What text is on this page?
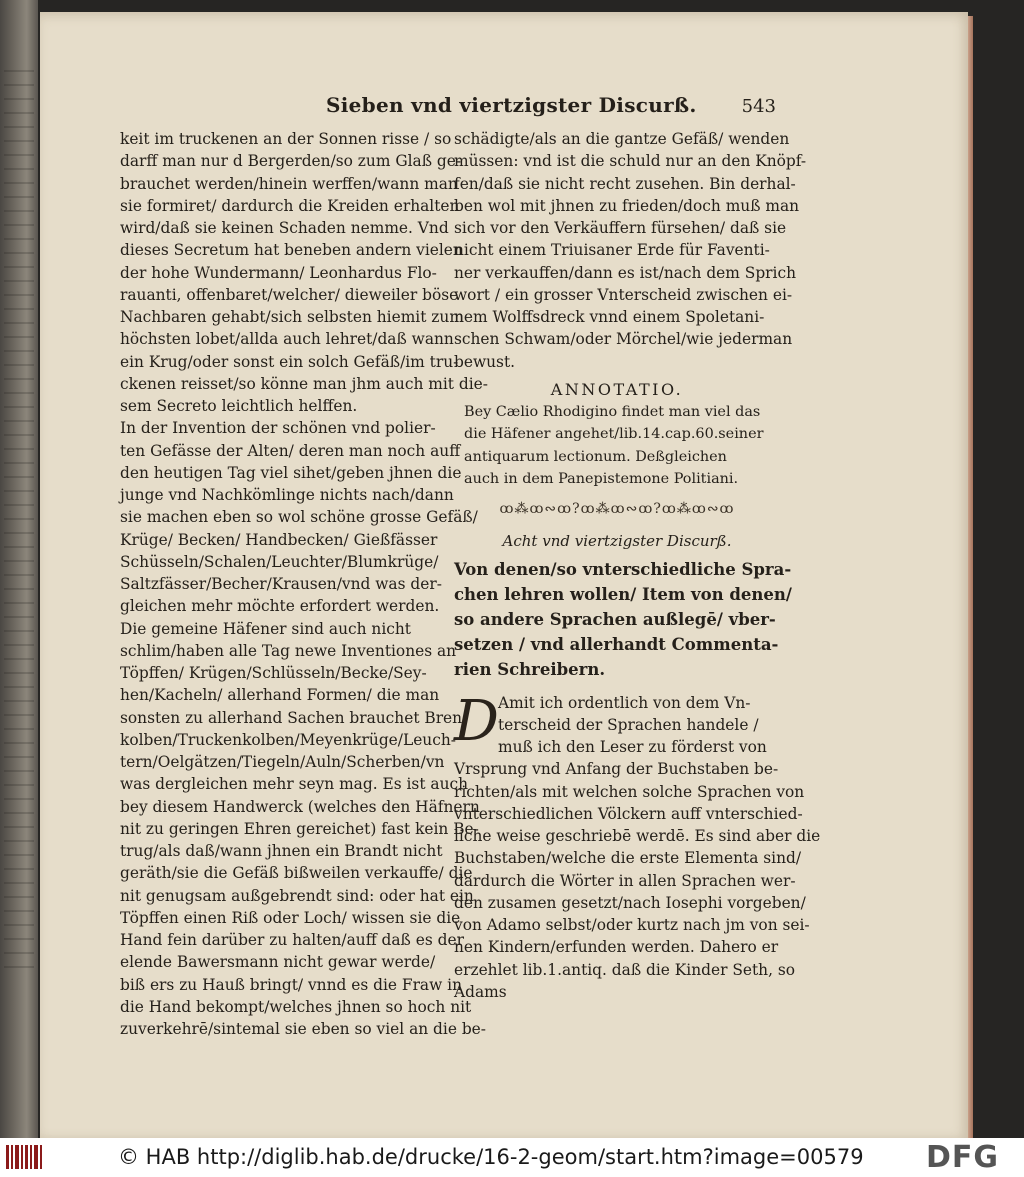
Sieben vnd viertzigster Discurß.	543
keit im truckenen an der Sonnen risse / so
darff man nur d Bergerden/so zum Glaß ge-
brauchet werden/hinein werffen/wann man
sie formiret/ dardurch die Kreiden erhalten
wird/daß sie keinen Schaden nemme. Vnd
dieses Secretum hat beneben andern vielen
der hohe Wundermann/ Leonhardus Flo-
rauanti, offenbaret/welcher/ dieweiler böse
Nachbaren gehabt/sich selbsten hiemit zum
höchsten lobet/allda auch lehret/daß wann
ein Krug/oder sonst ein solch Gefäß/im tru-
ckenen reisset/so könne man jhm auch mit die-
sem Secreto leichtlich helffen.
In der Invention der schönen vnd polier-
ten Gefässe der Alten/ deren man noch auff
den heutigen Tag viel sihet/geben jhnen die
junge vnd Nachkömlinge nichts nach/dann
sie machen eben so wol schöne grosse Gefäß/
Krüge/ Becken/ Handbecken/ Gießfässer
Schüsseln/Schalen/Leuchter/Blumkrüge/
Saltzfässer/Becher/Krausen/vnd was der-
gleichen mehr möchte erfordert werden.
Die gemeine Häfener sind auch nicht
schlim/haben alle Tag newe Inventiones an
Töpffen/ Krügen/Schlüsseln/Becke/Sey-
hen/Kacheln/ allerhand Formen/ die man
sonsten zu allerhand Sachen brauchet Bren-
kolben/Truckenkolben/Meyenkrüge/Leuch-
tern/Oelgätzen/Tiegeln/Auln/Scherben/vn
was dergleichen mehr seyn mag. Es ist auch
bey diesem Handwerck (welches den Häfnern
nit zu geringen Ehren gereichet) fast kein Be-
trug/als daß/wann jhnen ein Brandt nicht
geräth/sie die Gefäß bißweilen verkauffe/ die
nit genugsam außgebrendt sind: oder hat ein
Töpffen einen Riß oder Loch/ wissen sie die
Hand fein darüber zu halten/auff daß es der
elende Bawersmann nicht gewar werde/
biß ers zu Hauß bringt/ vnnd es die Fraw in
die Hand bekompt/welches jhnen so hoch nit
zuverkehrē/sintemal sie eben so viel an die be-
schädigte/als an die gantze Gefäß/ wenden
müssen: vnd ist die schuld nur an den Knöpf-
fen/daß sie nicht recht zusehen. Bin derhal-
ben wol mit jhnen zu frieden/doch muß man
sich vor den Verkäuffern fürsehen/ daß sie
nicht einem Triuisaner Erde für Faventi-
ner verkauffen/dann es ist/nach dem Sprich
wort / ein grosser Vnterscheid zwischen ei-
nem Wolffsdreck vnnd einem Spoletani-
schen Schwam/oder Mörchel/wie jederman
bewust.
ANNOTATIO.
Bey Cælio Rhodigino findet man viel das
die Häfener angehet/lib.14.cap.60.seiner
antiquarum lectionum. Deßgleichen
auch in dem Panepistemone Politiani.
ꝏ⁂ꝏ∾ꝏ?ꝏ⁂ꝏ∾ꝏ?ꝏ⁂ꝏ∾ꝏ
Acht vnd viertzigster Discurß.
Von denen/so vnterschiedliche Spra-
chen lehren wollen/ Item von denen/
so andere Sprachen außlegē/ vber-
setzen / vnd allerhandt Commenta-
rien Schreibern.
D Amit ich ordentlich von dem Vn-
terscheid der Sprachen handele /
muß ich den Leser zu förderst von
Vrsprung vnd Anfang der Buchstaben be-
richten/als mit welchen solche Sprachen von
vnterschiedlichen Völckern auff vnterschied-
liche weise geschriebē werdē. Es sind aber die
Buchstaben/welche die erste Elementa sind/
dardurch die Wörter in allen Sprachen wer-
den zusamen gesetzt/nach Iosephi vorgeben/
von Adamo selbst/oder kurtz nach jm von sei-
nen Kindern/erfunden werden. Dahero er
erzehlet lib.1.antiq. daß die Kinder Seth, so
Adams
© HAB http://diglib.hab.de/drucke/16-2-geom/start.htm?image=00579 DFG
